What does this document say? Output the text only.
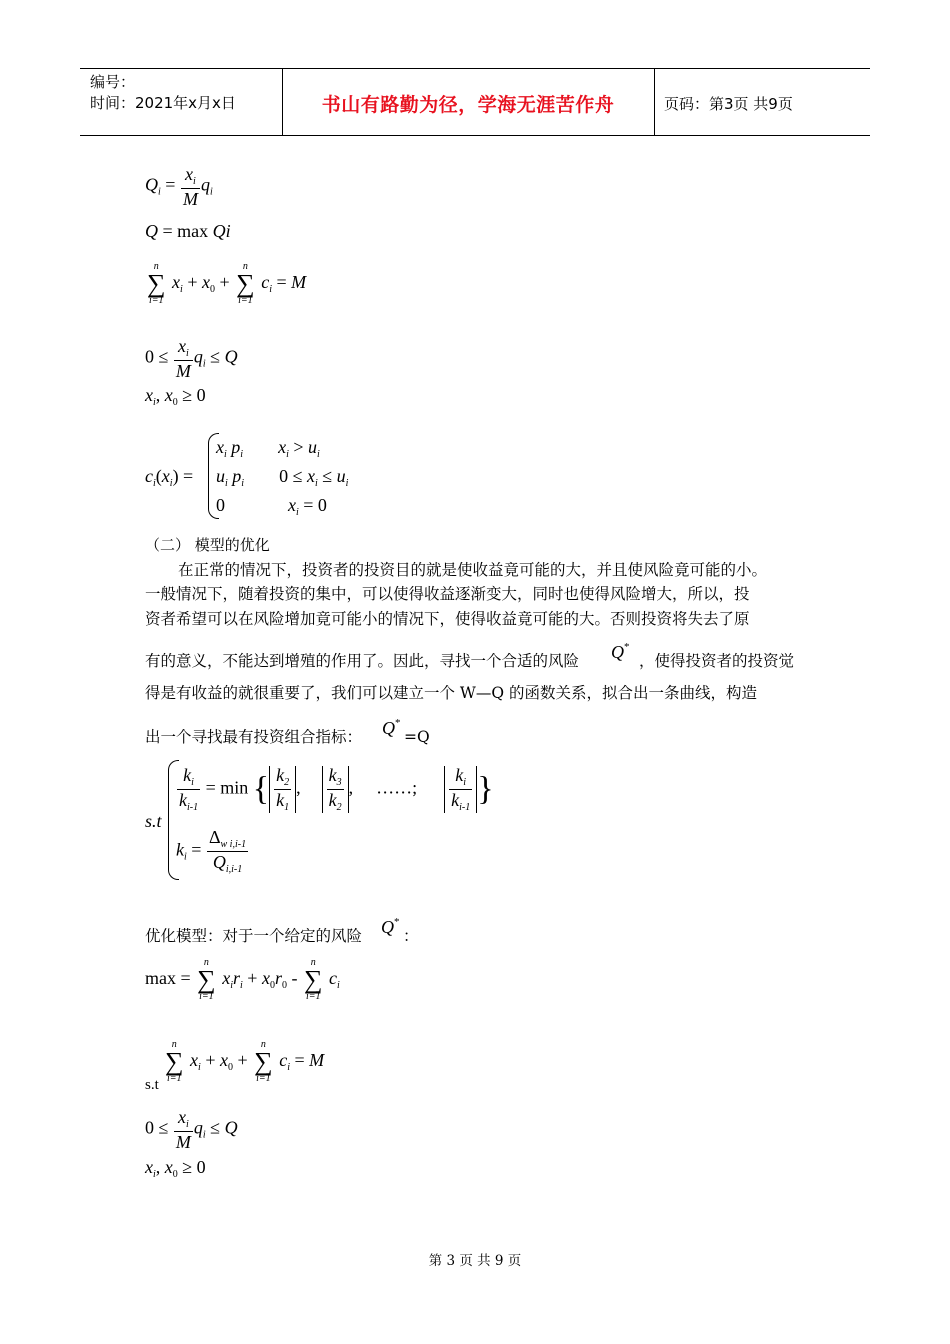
编号：
时间：2021年x月x日	书山有路勤为径，学海无涯苦作舟	页码：第3页 共9页
$Q_i = \frac{x_i}{M} q_i$
Q = max Qi
n
∑
i=1
$x_i + x_0$ +
n
∑
i=1
$c_i = M$
$0 \le \frac{x_i}{M} q_i \le Q$
$x_i$, $x_0 \ge 0$
$c_i(x_i)$ =
$x_i$ $p_i$ $x_i > u_i$
$u_i$ $p_i$  $0 \le x_i \le u_i$
0	$x_i = 0$
（二） 模型的优化
在正常的情况下，投资者的投资目的就是使收益竟可能的大，并且使风险竟可能的小。
一般情况下，随着投资的集中，可以使得收益逐渐变大，同时也使得风险增大，所以，投
资者希望可以在风险增加竟可能小的情况下，使得收益竟可能的大。否则投资将失去了原
有的意义，不能达到增殖的作用了。因此，寻找一个合适的风险 Q*
，使得投资者的投资觉
得是有收益的就很重要了，我们可以建立一个 W—Q 的函数关系，拟合出一条曲线，构造
出一个寻找最有投资组合指标： Q*
=Q
s.t
$\frac{k_i}{k_{i-1}} = \min$ { $\frac{k_2}{k_1}$ , $\frac{k_3}{k_2}$ ,  ……; $\frac{k_i}{k_{i-1}}$ }
$k_i = \frac{\Delta_{w i,i-1}}{Q_{i,i-1}}$
优化模型：对于一个给定的风险 Q*
：
max =
n
∑
i=1
$x_ir_i + x_0r_0$ -
n
∑
i=1
$c_i$
n
∑
i=1
$x_i + x_0$ +
n
∑
i=1
$c_i = M$
s.t
$0 \le \frac{x_i}{M} q_i \le Q$
$x_i$, $x_0 \ge 0$
第 3 页 共 9 页
